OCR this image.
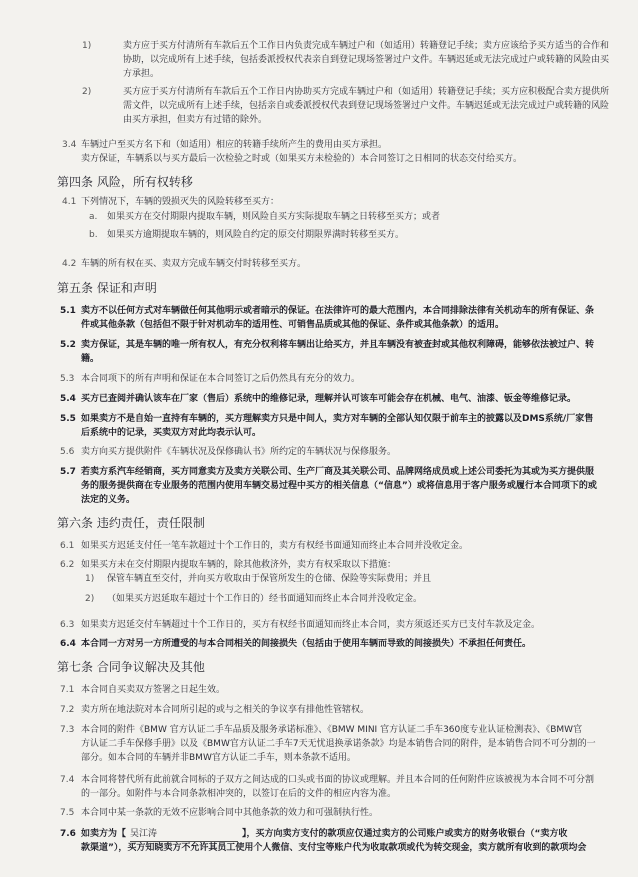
1)	卖方应于买方付清所有车款后五个工作日内负责完成车辆过户和（如适用）转籍登记手续；卖方应该给予买方适当的合作和
协助，以完成所有上述手续，包括委派授权代表亲自到登记现场签署过户文件。车辆迟延或无法完成过户或转籍的风险由买
方承担。
2)	买方应于买方付清所有车款后五个工作日内协助买方完成车辆过户和（如适用）转籍登记手续；买方应积极配合卖方提供所
需文件，以完成所有上述手续，包括亲自或委派授权代表到登记现场签署过户文件。车辆迟延或无法完成过户或转籍的风险
由买方承担，但卖方有过错的除外。
3.4 车辆过户至买方名下和（如适用）相应的转籍手续所产生的费用由买方承担。
卖方保证，车辆系以与买方最后一次检验之时或（如果买方未检验的）本合同签订之日相同的状态交付给买方。
第四条 风险，所有权转移
4.1 下列情况下，车辆的毁损灭失的风险转移至买方：
a. 如果买方在交付期限内提取车辆，则风险自买方实际提取车辆之日转移至买方；或者
b. 如果买方逾期提取车辆的，则风险自约定的原交付期限界满时转移至买方。
4.2 车辆的所有权在买、卖双方完成车辆交付时转移至买方。
第五条 保证和声明
5.1 卖方不以任何方式对车辆做任何其他明示或者暗示的保证。在法律许可的最大范围内，本合同排除法律有关机动车的所有保证、条
件或其他条款（包括但不限于针对机动车的适用性、可销售品质或其他的保证、条件或其他条款）的适用。
5.2 卖方保证，其是车辆的唯一所有权人，有充分权利将车辆出让给买方，并且车辆没有被查封或其他权利障碍，能够依法被过户、转
籍。
5.3 本合同项下的所有声明和保证在本合同签订之后仍然具有充分的效力。
5.4 买方已查阅并确认该车在厂家（售后）系统中的维修记录，理解并认可该车可能会存在机械、电气、油漆、钣金等维修记录。
5.5 如果卖方不是自始一直持有车辆的，买方理解卖方只是中间人，卖方对车辆的全部认知仅限于前车主的披露以及DMS系统/厂家售
后系统中的记录，买卖双方对此均表示认可。
5.6 卖方向买方提供附件《车辆状况及保修确认书》所约定的车辆状况与保修服务。
5.7 若卖方系汽车经销商，买方同意卖方及卖方关联公司、生产厂商及其关联公司、品牌网络成员或上述公司委托为其或为买方提供服
务的服务提供商在专业服务的范围内使用车辆交易过程中买方的相关信息（“信息”）或将信息用于客户服务或履行本合同项下的或
法定的义务。
第六条 违约责任，责任限制
6.1 如果买方迟延支付任一笔车款超过十个工作日的，卖方有权经书面通知而终止本合同并没收定金。
6.2 如果买方未在交付期限内提取车辆的，除其他救济外，卖方有权采取以下措施：
1) 保管车辆直至交付，并向买方收取由于保管所发生的仓储、保险等实际费用；并且
2) （如果买方迟延取车超过十个工作日的）经书面通知而终止本合同并没收定金。
6.3 如果卖方迟延交付车辆超过十个工作日的，买方有权经书面通知而终止本合同，卖方须返还买方已支付车款及定金。
6.4 本合同一方对另一方所遭受的与本合同相关的间接损失（包括由于使用车辆而导致的间接损失）不承担任何责任。
第七条 合同争议解决及其他
7.1 本合同自买卖双方签署之日起生效。
7.2 卖方所在地法院对本合同所引起的或与之相关的争议享有排他性管辖权。
7.3 本合同的附件《BMW 官方认证二手车品质及服务承诺标准》、《BMW MINI 官方认证二手车360度专业认证检测表》、《BMW官
方认证二手车保修手册》以及《BMW官方认证二手车7天无忧退换承诺条款》均是本销售合同的附件，是本销售合同不可分割的一
部分。如本合同的车辆并非BMW官方认证二手车，则本条款不适用。
7.4 本合同将替代所有此前就合同标的子双方之间达成的口头或书面的协议或理解。并且本合同的任何附件应该被视为本合同不可分割
的一部分。如附件与本合同条款相冲突的，以签订在后的文件的相应内容为准。
7.5 本合同中某一条款的无效不应影响合同中其他条款的效力和可强制执行性。
7.6
款渠道”），买方知晓卖方不允许其员工使用个人微信、支付宝等账户代为收取款项或代为转交现金，卖方就所有收到的款项均会
如卖方为【 吴江涛	】，买方向卖方支付的款项应仅通过卖方的公司账户或卖方的财务收银台（“卖方收
